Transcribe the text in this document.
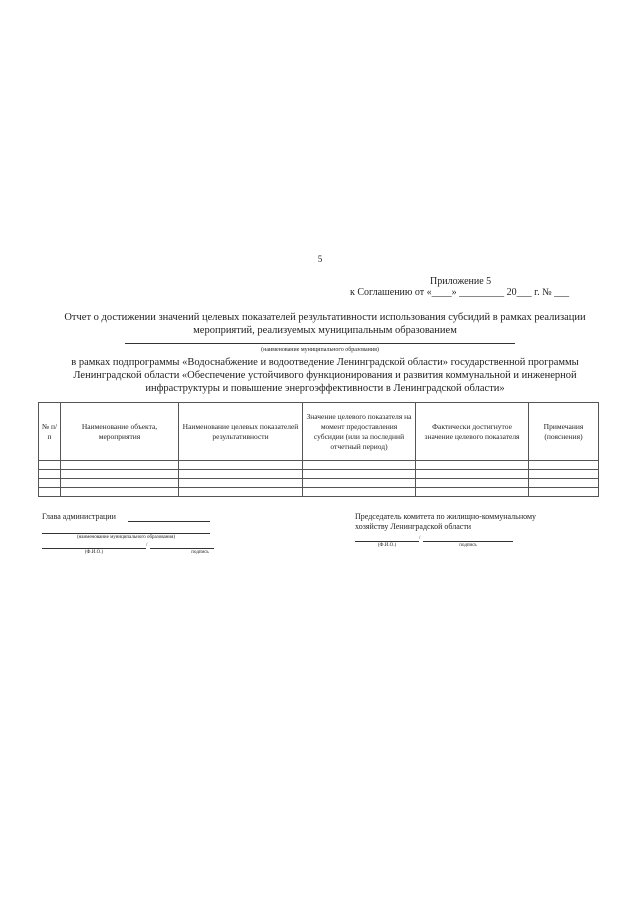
5
Приложение 5
к Соглашению от «____» _________ 20___ г. № ___
Отчет о достижении значений целевых показателей результативности использования субсидий в рамках реализации мероприятий, реализуемых муниципальным образованием
(наименование муниципального образования)
в рамках подпрограммы «Водоснабжение и водоотведение Ленинградской области» государственной программы Ленинградской области «Обеспечение устойчивого функционирования и развития коммунальной и инженерной инфраструктуры и повышение энергоэффективности в Ленинградской области»
№ п/п	Наименование объекта, мероприятия	Наименование целевых показателей результативности	Значение целевого показателя на момент предоставления субсидии (или за последний отчетный период)	Фактически достигнутое значение целевого показателя	Примечания (пояснения)

Глава администрации
(наименование муниципального образования)
/
(Ф.И.О.)	подпись
Председатель комитета по жилищно-коммунальному
хозяйству Ленинградской области
/
(Ф.И.О.)	подпись
